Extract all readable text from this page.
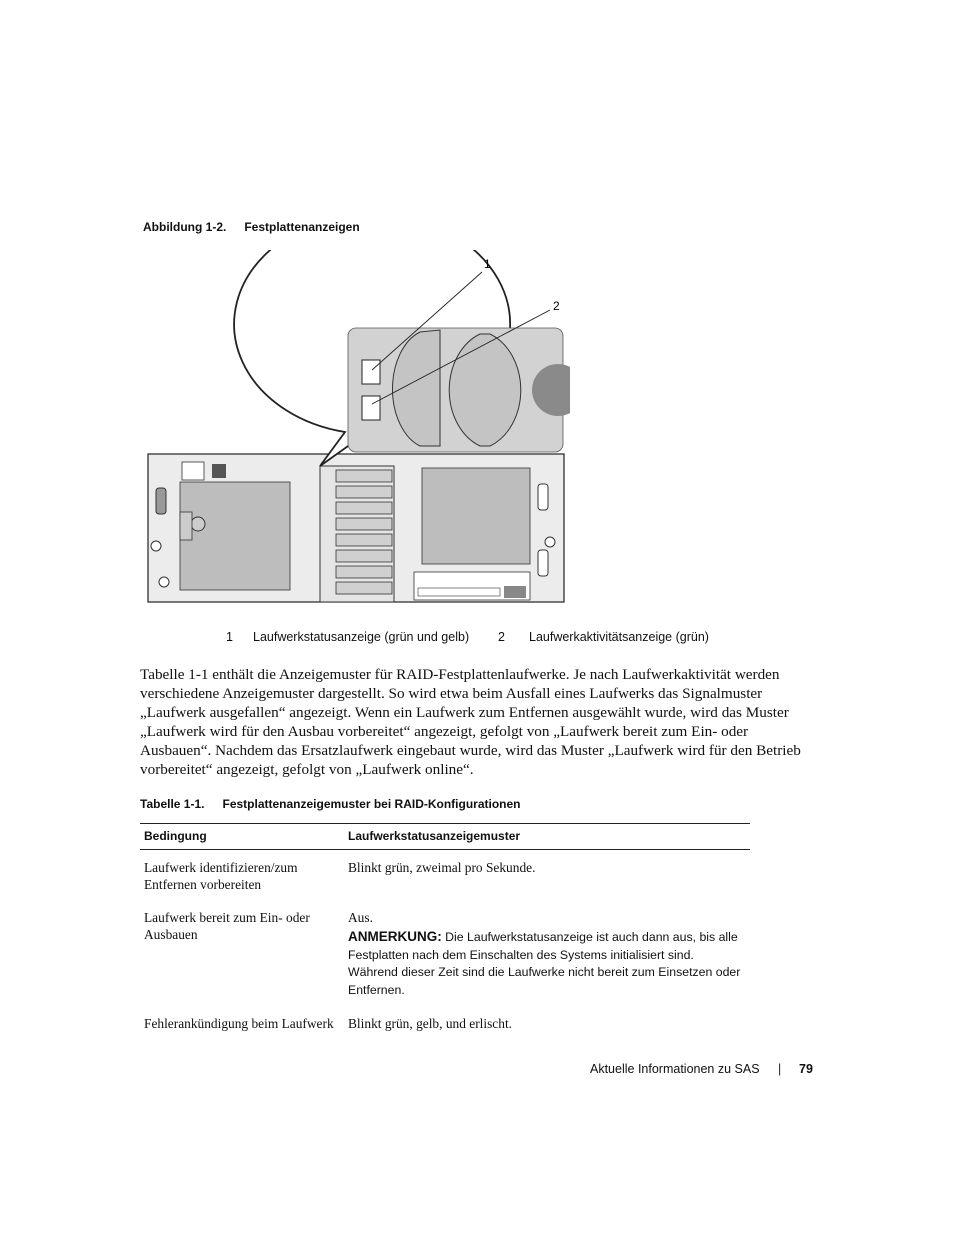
Abbildung 1-2. Festplattenanzeigen
1
2
1 Laufwerkstatusanzeige (grün und gelb) 2 Laufwerkaktivitätsanzeige (grün)

Tabelle 1-1 enthält die Anzeigemuster für RAID-Festplattenlaufwerke. Je nach Laufwerkaktivität werden verschiedene Anzeigemuster dargestellt. So wird etwa beim Ausfall eines Laufwerks das Signalmuster „Laufwerk ausgefallen“ angezeigt. Wenn ein Laufwerk zum Entfernen ausgewählt wurde, wird das Muster „Laufwerk wird für den Ausbau vorbereitet“ angezeigt, gefolgt von „Laufwerk bereit zum Ein- oder Ausbauen“. Nachdem das Ersatzlaufwerk eingebaut wurde, wird das Muster „Laufwerk wird für den Betrieb vorbereitet“ angezeigt, gefolgt von „Laufwerk online“.

Tabelle 1-1. Festplattenanzeigemuster bei RAID-Konfigurationen
Bedingung	Laufwerkstatusanzeigemuster
Laufwerk identifizieren/zum Entfernen vorbereiten	Blinkt grün, zweimal pro Sekunde.
Laufwerk bereit zum Ein- oder Ausbauen	Aus.
ANMERKUNG: Die Laufwerkstatusanzeige ist auch dann aus, bis alle Festplatten nach dem Einschalten des Systems initialisiert sind. Während dieser Zeit sind die Laufwerke nicht bereit zum Einsetzen oder Entfernen.

Fehlerankündigung beim Laufwerk	Blinkt grün, gelb, und erlischt.
Aktuelle Informationen zu SAS | 79
